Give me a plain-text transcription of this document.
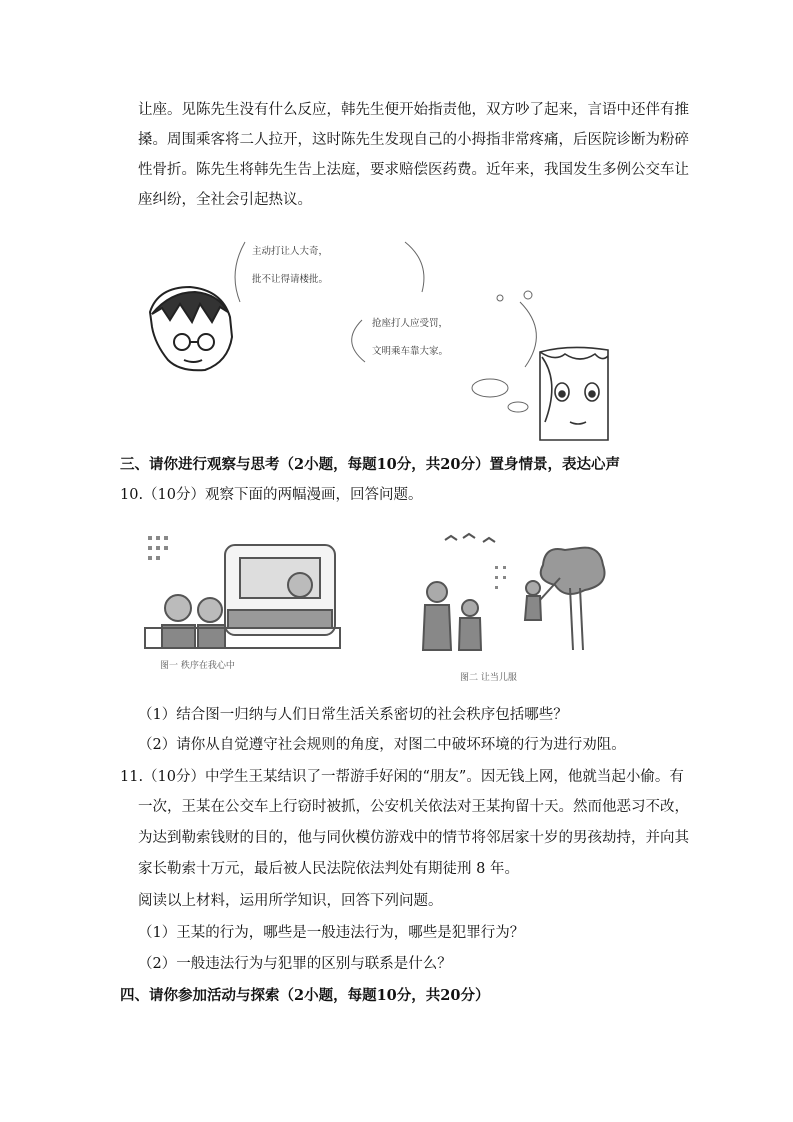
让座。见陈先生没有什么反应，韩先生便开始指责他，双方吵了起来，言语中还伴有推
搡。周围乘客将二人拉开，这时陈先生发现自己的小拇指非常疼痛，后医院诊断为粉碎
性骨折。陈先生将韩先生告上法庭，要求赔偿医药费。近年来，我国发生多例公交车让
座纠纷，全社会引起热议。
主动打让人大奇，
批不让得请楼批。
抢座打人应受罚，
文明乘车靠大家。
三、请你进行观察与思考（2小题，每题10分，共20分）置身情景，表达心声
10.（10分）观察下面的两幅漫画，回答问题。
图一 秩序在我心中
图二 让当儿服
（1）结合图一归纳与人们日常生活关系密切的社会秩序包括哪些？
（2）请你从自觉遵守社会规则的角度，对图二中破坏环境的行为进行劝阻。
11.（10分）中学生王某结识了一帮游手好闲的“朋友”。因无钱上网，他就当起小偷。有
一次，王某在公交车上行窃时被抓，公安机关依法对王某拘留十天。然而他恶习不改，
为达到勒索钱财的目的，他与同伙模仿游戏中的情节将邻居家十岁的男孩劫持，并向其
家长勒索十万元，最后被人民法院依法判处有期徒刑 8 年。
阅读以上材料，运用所学知识，回答下列问题。
（1）王某的行为，哪些是一般违法行为，哪些是犯罪行为？
（2）一般违法行为与犯罪的区别与联系是什么？
四、请你参加活动与探索（2小题，每题10分，共20分）
